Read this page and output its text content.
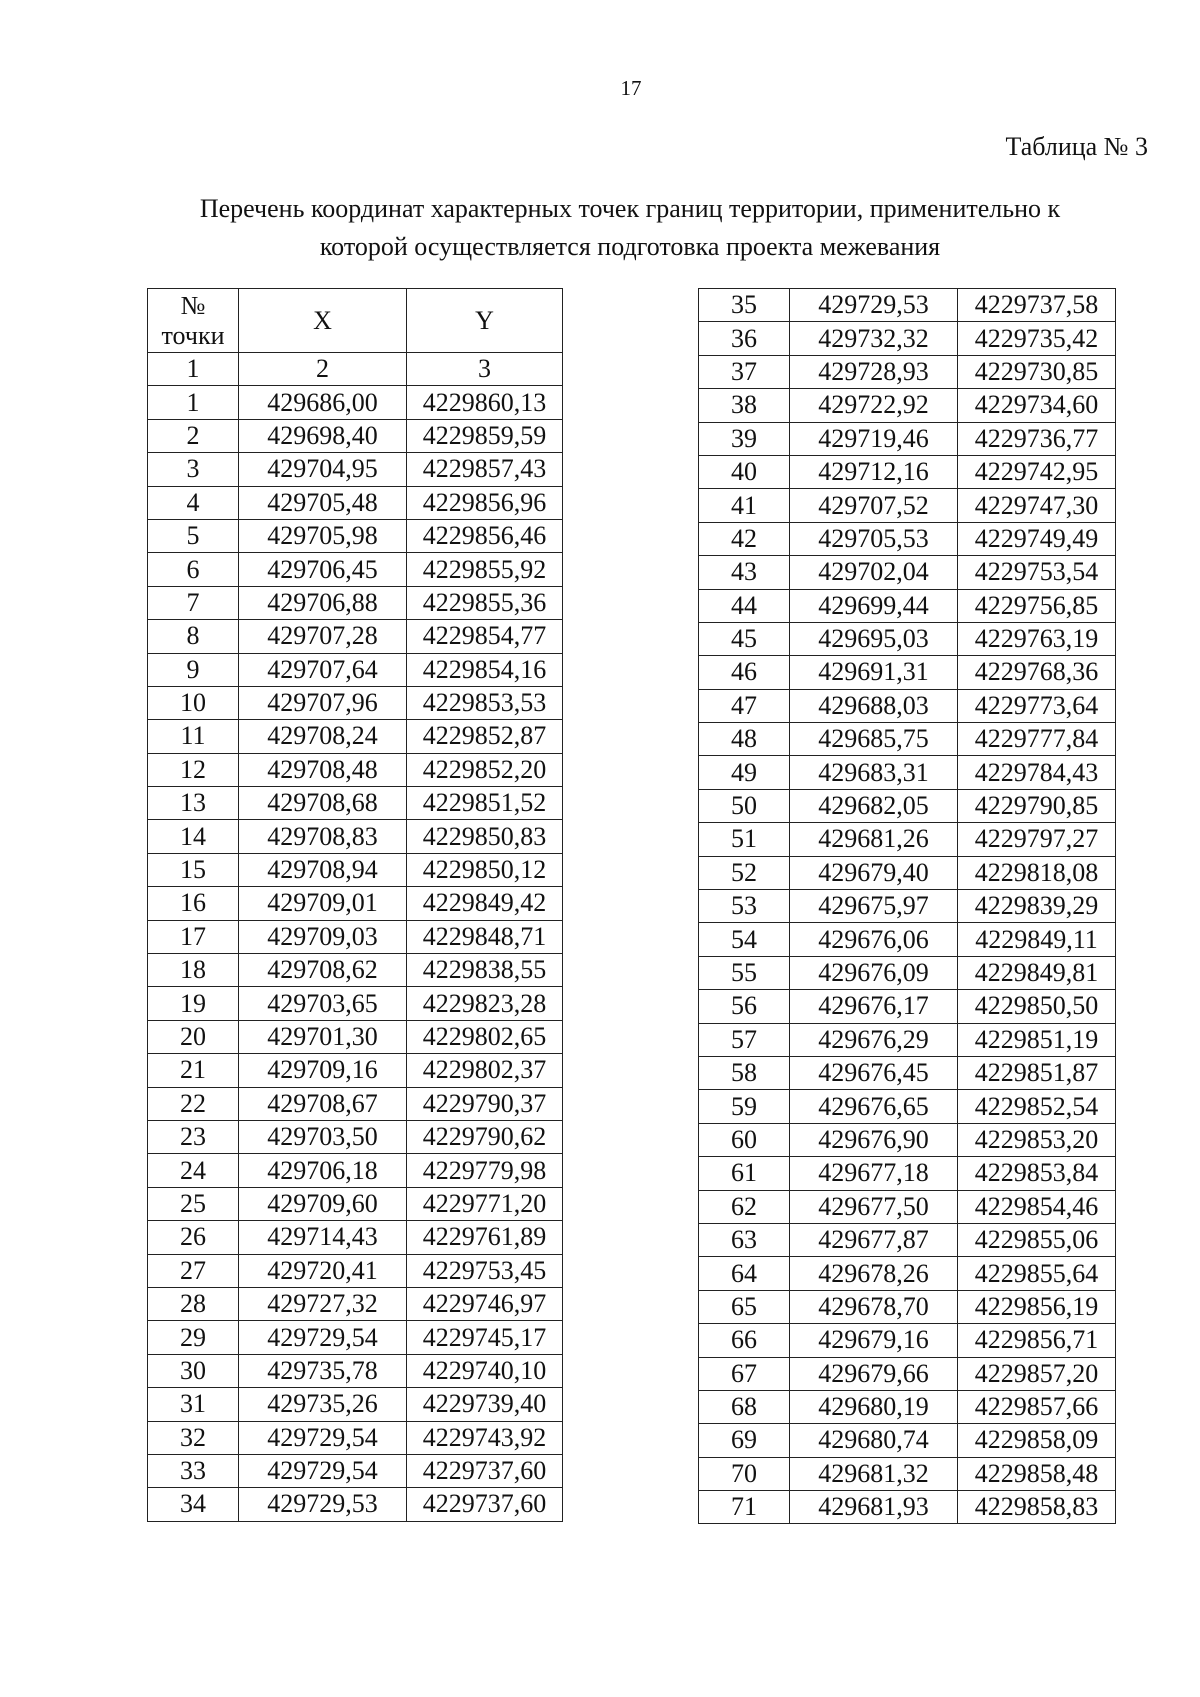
17
Таблица № 3
Перечень координат характерных точек границ территории, применительно к
которой осуществляется подготовка проекта межевания
№
точки	X	Y
1	2	3
1	429686,00	4229860,13
2	429698,40	4229859,59
3	429704,95	4229857,43
4	429705,48	4229856,96
5	429705,98	4229856,46
6	429706,45	4229855,92
7	429706,88	4229855,36
8	429707,28	4229854,77
9	429707,64	4229854,16
10	429707,96	4229853,53
11	429708,24	4229852,87
12	429708,48	4229852,20
13	429708,68	4229851,52
14	429708,83	4229850,83
15	429708,94	4229850,12
16	429709,01	4229849,42
17	429709,03	4229848,71
18	429708,62	4229838,55
19	429703,65	4229823,28
20	429701,30	4229802,65
21	429709,16	4229802,37
22	429708,67	4229790,37
23	429703,50	4229790,62
24	429706,18	4229779,98
25	429709,60	4229771,20
26	429714,43	4229761,89
27	429720,41	4229753,45
28	429727,32	4229746,97
29	429729,54	4229745,17
30	429735,78	4229740,10
31	429735,26	4229739,40
32	429729,54	4229743,92
33	429729,54	4229737,60
34	429729,53	4229737,60
35	429729,53	4229737,58
36	429732,32	4229735,42
37	429728,93	4229730,85
38	429722,92	4229734,60
39	429719,46	4229736,77
40	429712,16	4229742,95
41	429707,52	4229747,30
42	429705,53	4229749,49
43	429702,04	4229753,54
44	429699,44	4229756,85
45	429695,03	4229763,19
46	429691,31	4229768,36
47	429688,03	4229773,64
48	429685,75	4229777,84
49	429683,31	4229784,43
50	429682,05	4229790,85
51	429681,26	4229797,27
52	429679,40	4229818,08
53	429675,97	4229839,29
54	429676,06	4229849,11
55	429676,09	4229849,81
56	429676,17	4229850,50
57	429676,29	4229851,19
58	429676,45	4229851,87
59	429676,65	4229852,54
60	429676,90	4229853,20
61	429677,18	4229853,84
62	429677,50	4229854,46
63	429677,87	4229855,06
64	429678,26	4229855,64
65	429678,70	4229856,19
66	429679,16	4229856,71
67	429679,66	4229857,20
68	429680,19	4229857,66
69	429680,74	4229858,09
70	429681,32	4229858,48
71	429681,93	4229858,83
